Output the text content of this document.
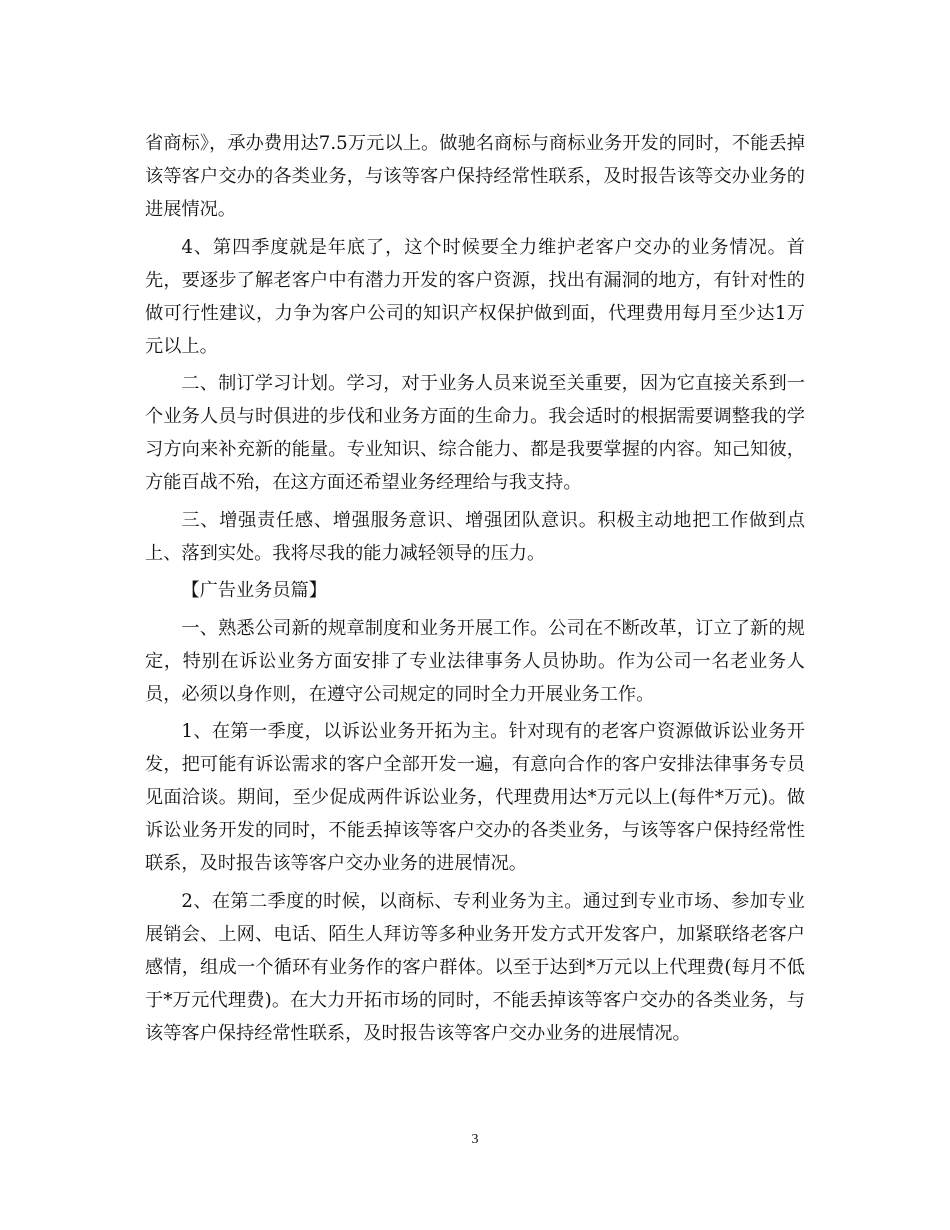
省商标》，承办费用达7.5万元以上。做驰名商标与商标业务开发的同时，不能丢掉该等客户交办的各类业务，与该等客户保持经常性联系，及时报告该等交办业务的进展情况。

4、第四季度就是年底了，这个时候要全力维护老客户交办的业务情况。首先，要逐步了解老客户中有潜力开发的客户资源，找出有漏洞的地方，有针对性的做可行性建议，力争为客户公司的知识产权保护做到面，代理费用每月至少达1万元以上。

二、制订学习计划。学习，对于业务人员来说至关重要，因为它直接关系到一个业务人员与时俱进的步伐和业务方面的生命力。我会适时的根据需要调整我的学习方向来补充新的能量。专业知识、综合能力、都是我要掌握的内容。知己知彼，方能百战不殆，在这方面还希望业务经理给与我支持。

三、增强责任感、增强服务意识、增强团队意识。积极主动地把工作做到点上、落到实处。我将尽我的能力减轻领导的压力。

【广告业务员篇】

一、熟悉公司新的规章制度和业务开展工作。公司在不断改革，订立了新的规定，特别在诉讼业务方面安排了专业法律事务人员协助。作为公司一名老业务人员，必须以身作则，在遵守公司规定的同时全力开展业务工作。

1、在第一季度，以诉讼业务开拓为主。针对现有的老客户资源做诉讼业务开发，把可能有诉讼需求的客户全部开发一遍，有意向合作的客户安排法律事务专员见面洽谈。期间，至少促成两件诉讼业务，代理费用达*万元以上(每件*万元)。做诉讼业务开发的同时，不能丢掉该等客户交办的各类业务，与该等客户保持经常性联系，及时报告该等客户交办业务的进展情况。

2、在第二季度的时候，以商标、专利业务为主。通过到专业市场、参加专业展销会、上网、电话、陌生人拜访等多种业务开发方式开发客户，加紧联络老客户感情，组成一个循环有业务作的客户群体。以至于达到*万元以上代理费(每月不低于*万元代理费)。在大力开拓市场的同时，不能丢掉该等客户交办的各类业务，与该等客户保持经常性联系，及时报告该等客户交办业务的进展情况。

3
